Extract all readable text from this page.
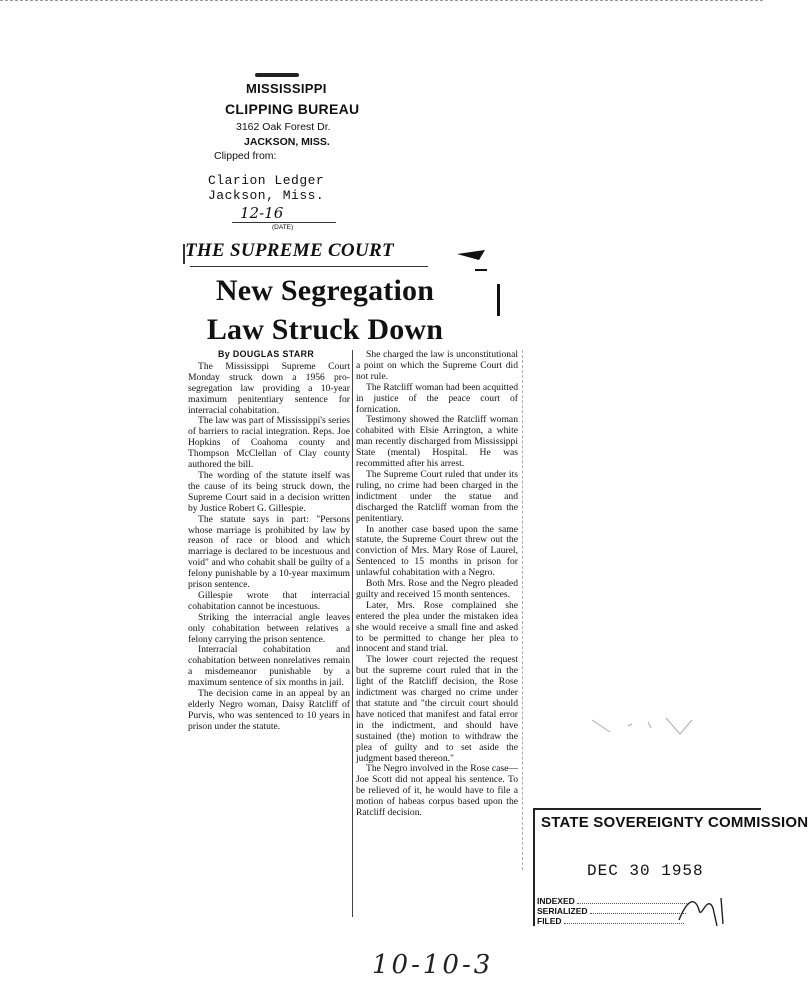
MISSISSIPPI
CLIPPING BUREAU
3162 Oak Forest Dr.
JACKSON, MISS.
Clipped from:
Clarion Ledger
Jackson, Miss.
12-16
(DATE)
THE SUPREME COURT
New Segregation
Law Struck Down

By DOUGLAS STARR

The Mississippi Supreme Court Monday struck down a 1956 pro-segregation law providing a 10-year maximum penitentiary sentence for interracial cohabitation.

The law was part of Mississippi's series of barriers to racial integration. Reps. Joe Hopkins of Coahoma county and Thompson McClellan of Clay county authored the bill.

The wording of the statute itself was the cause of its being struck down, the Supreme Court said in a decision written by Justice Robert G. Gillespie.

The statute says in part: "Persons whose marriage is prohibited by law by reason of race or blood and which marriage is declared to be incestuous and void" and who cohabit shall be guilty of a felony punishable by a 10-year maximum prison sentence.

Gillespie wrote that interracial cohabitation cannot be incestuous.

Striking the interracial angle leaves only cohabitation between relatives a felony carrying the prison sentence.

Interracial cohabitation and cohabitation between nonrelatives remain a misdemeanor punishable by a maximum sentence of six months in jail.

The decision came in an appeal by an elderly Negro woman, Daisy Ratcliff of Purvis, who was sentenced to 10 years in prison under the statute.

She charged the law is unconstitutional a point on which the Supreme Court did not rule.

The Ratcliff woman had been acquitted in justice of the peace court of fornication.

Testimony showed the Ratcliff woman cohabited with Elsie Arrington, a white man recently discharged from Mississippi State (mental) Hospital. He was recommitted after his arrest.

The Supreme Court ruled that under its ruling, no crime had been charged in the indictment under the statue and discharged the Ratcliff woman from the penitentiary.

In another case based upon the same statute, the Supreme Court threw out the conviction of Mrs. Mary Rose of Laurel, Sentenced to 15 months in prison for unlawful cohabitation with a Negro.

Both Mrs. Rose and the Negro pleaded guilty and received 15 month sentences.

Later, Mrs. Rose complained she entered the plea under the mistaken idea she would receive a small fine and asked to be permitted to change her plea to innocent and stand trial.

The lower court rejected the request but the supreme court ruled that in the light of the Ratcliff decision, the Rose indictment was charged no crime under that statute and "the circuit court should have noticed that manifest and fatal error in the indictment, and should have sustained (the) motion to withdraw the plea of guilty and to set aside the judgment based thereon."

The Negro involved in the Rose case—Joe Scott did not appeal his sentence. To be relieved of it, he would have to file a motion of habeas corpus based upon the Ratcliff decision.

STATE SOVEREIGNTY COMMISSION
DEC 30 1958
INDEXED
SERIALIZED
FILED
10-10-3
